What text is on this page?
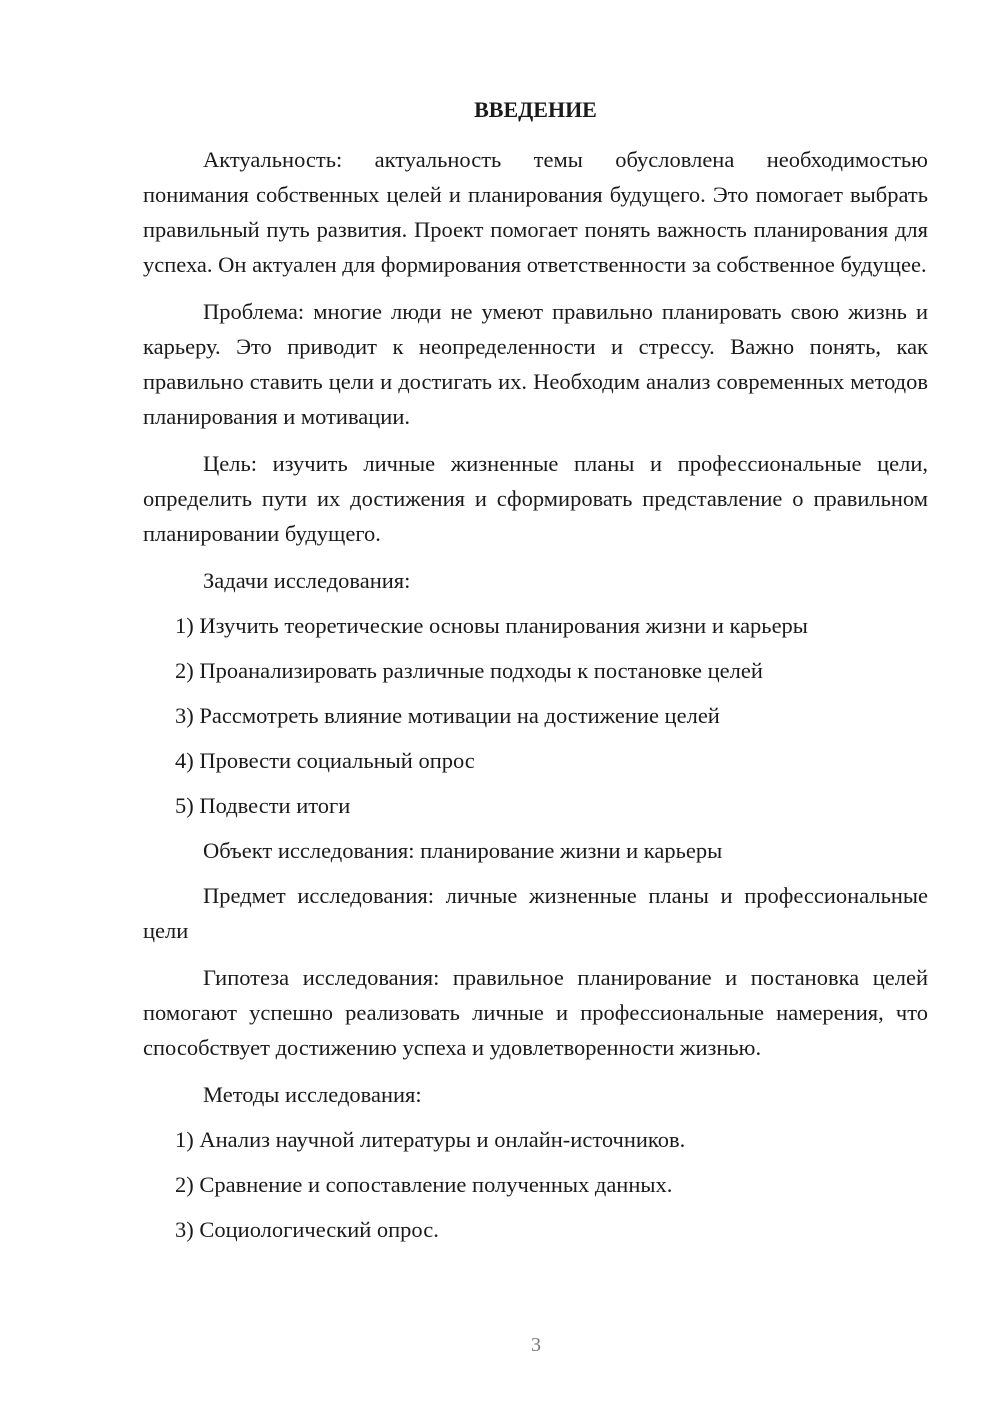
ВВЕДЕНИЕ

Актуальность: актуальность темы обусловлена необходимостью понимания собственных целей и планирования будущего. Это помогает выбрать правильный путь развития. Проект помогает понять важность планирования для успеха. Он актуален для формирования ответственности за собственное будущее.

Проблема: многие люди не умеют правильно планировать свою жизнь и карьеру. Это приводит к неопределенности и стрессу. Важно понять, как правильно ставить цели и достигать их. Необходим анализ современных методов планирования и мотивации.

Цель: изучить личные жизненные планы и профессиональные цели, определить пути их достижения и сформировать представление о правильном планировании будущего.

Задачи исследования:

1) Изучить теоретические основы планирования жизни и карьеры
2) Проанализировать различные подходы к постановке целей
3) Рассмотреть влияние мотивации на достижение целей
4) Провести социальный опрос
5) Подвести итоги

Объект исследования: планирование жизни и карьеры

Предмет исследования: личные жизненные планы и профессиональные цели

Гипотеза исследования: правильное планирование и постановка целей помогают успешно реализовать личные и профессиональные намерения, что способствует достижению успеха и удовлетворенности жизнью.

Методы исследования:

1) Анализ научной литературы и онлайн-источников.
2) Сравнение и сопоставление полученных данных.
3) Социологический опрос.
3
